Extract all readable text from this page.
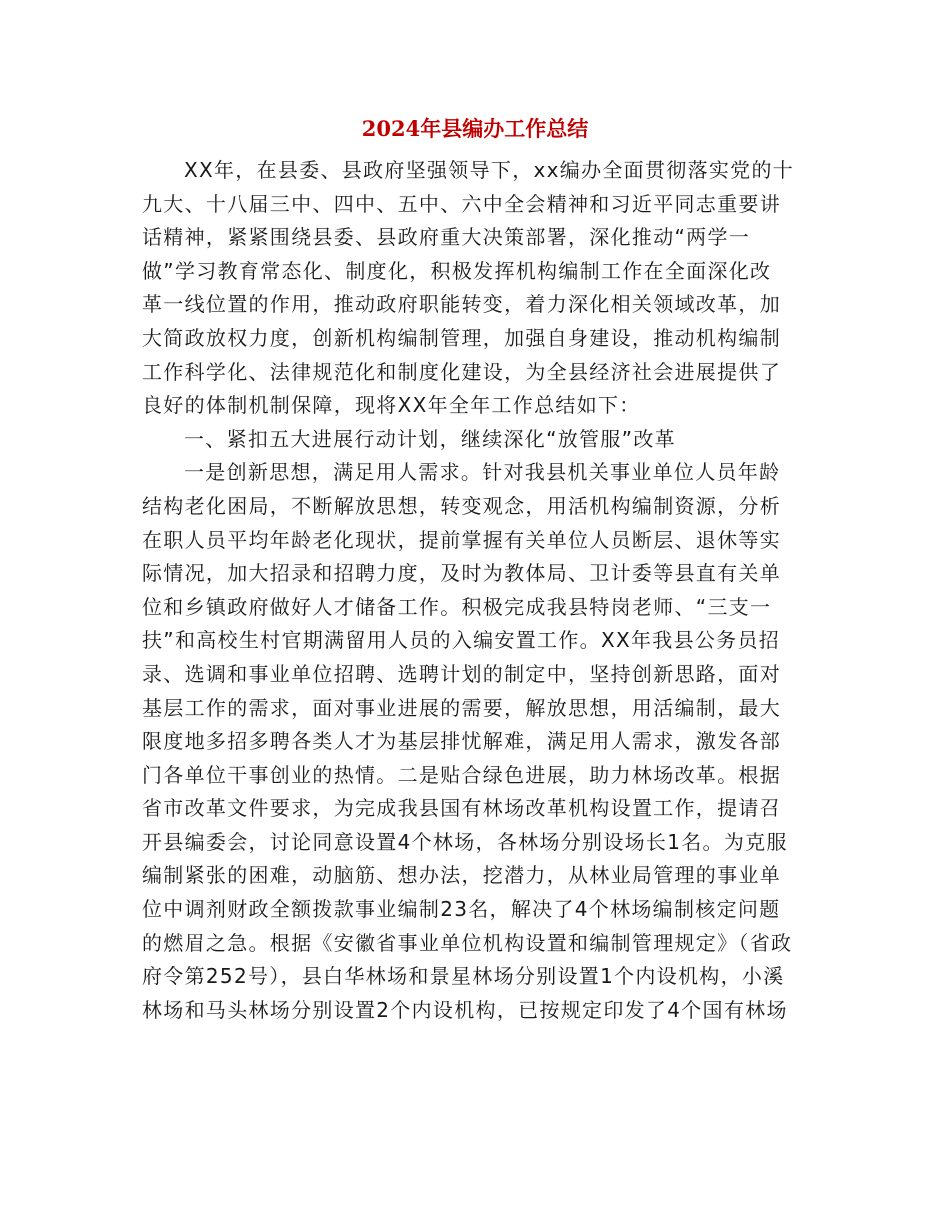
2024年县编办工作总结
XX年，在县委、县政府坚强领导下，xx编办全面贯彻落实党的十
九大、十八届三中、四中、五中、六中全会精神和习近平同志重要讲
话精神，紧紧围绕县委、县政府重大决策部署，深化推动“两学一
做”学习教育常态化、制度化，积极发挥机构编制工作在全面深化改
革一线位置的作用，推动政府职能转变，着力深化相关领域改革，加
大简政放权力度，创新机构编制管理，加强自身建设，推动机构编制
工作科学化、法律规范化和制度化建设，为全县经济社会进展提供了
良好的体制机制保障，现将XX年全年工作总结如下：
一、紧扣五大进展行动计划，继续深化“放管服”改革
一是创新思想，满足用人需求。针对我县机关事业单位人员年龄
结构老化困局，不断解放思想，转变观念，用活机构编制资源，分析
在职人员平均年龄老化现状，提前掌握有关单位人员断层、退休等实
际情况，加大招录和招聘力度，及时为教体局、卫计委等县直有关单
位和乡镇政府做好人才储备工作。积极完成我县特岗老师、“三支一
扶”和高校生村官期满留用人员的入编安置工作。XX年我县公务员招
录、选调和事业单位招聘、选聘计划的制定中，坚持创新思路，面对
基层工作的需求，面对事业进展的需要，解放思想，用活编制，最大
限度地多招多聘各类人才为基层排忧解难，满足用人需求，激发各部
门各单位干事创业的热情。二是贴合绿色进展，助力林场改革。根据
省市改革文件要求，为完成我县国有林场改革机构设置工作，提请召
开县编委会，讨论同意设置4个林场，各林场分别设场长1名。为克服
编制紧张的困难，动脑筋、想办法，挖潜力，从林业局管理的事业单
位中调剂财政全额拨款事业编制23名，解决了4个林场编制核定问题
的燃眉之急。根据《安徽省事业单位机构设置和编制管理规定》（省政
府令第252号），县白华林场和景星林场分别设置1个内设机构，小溪
林场和马头林场分别设置2个内设机构，已按规定印发了4个国有林场
